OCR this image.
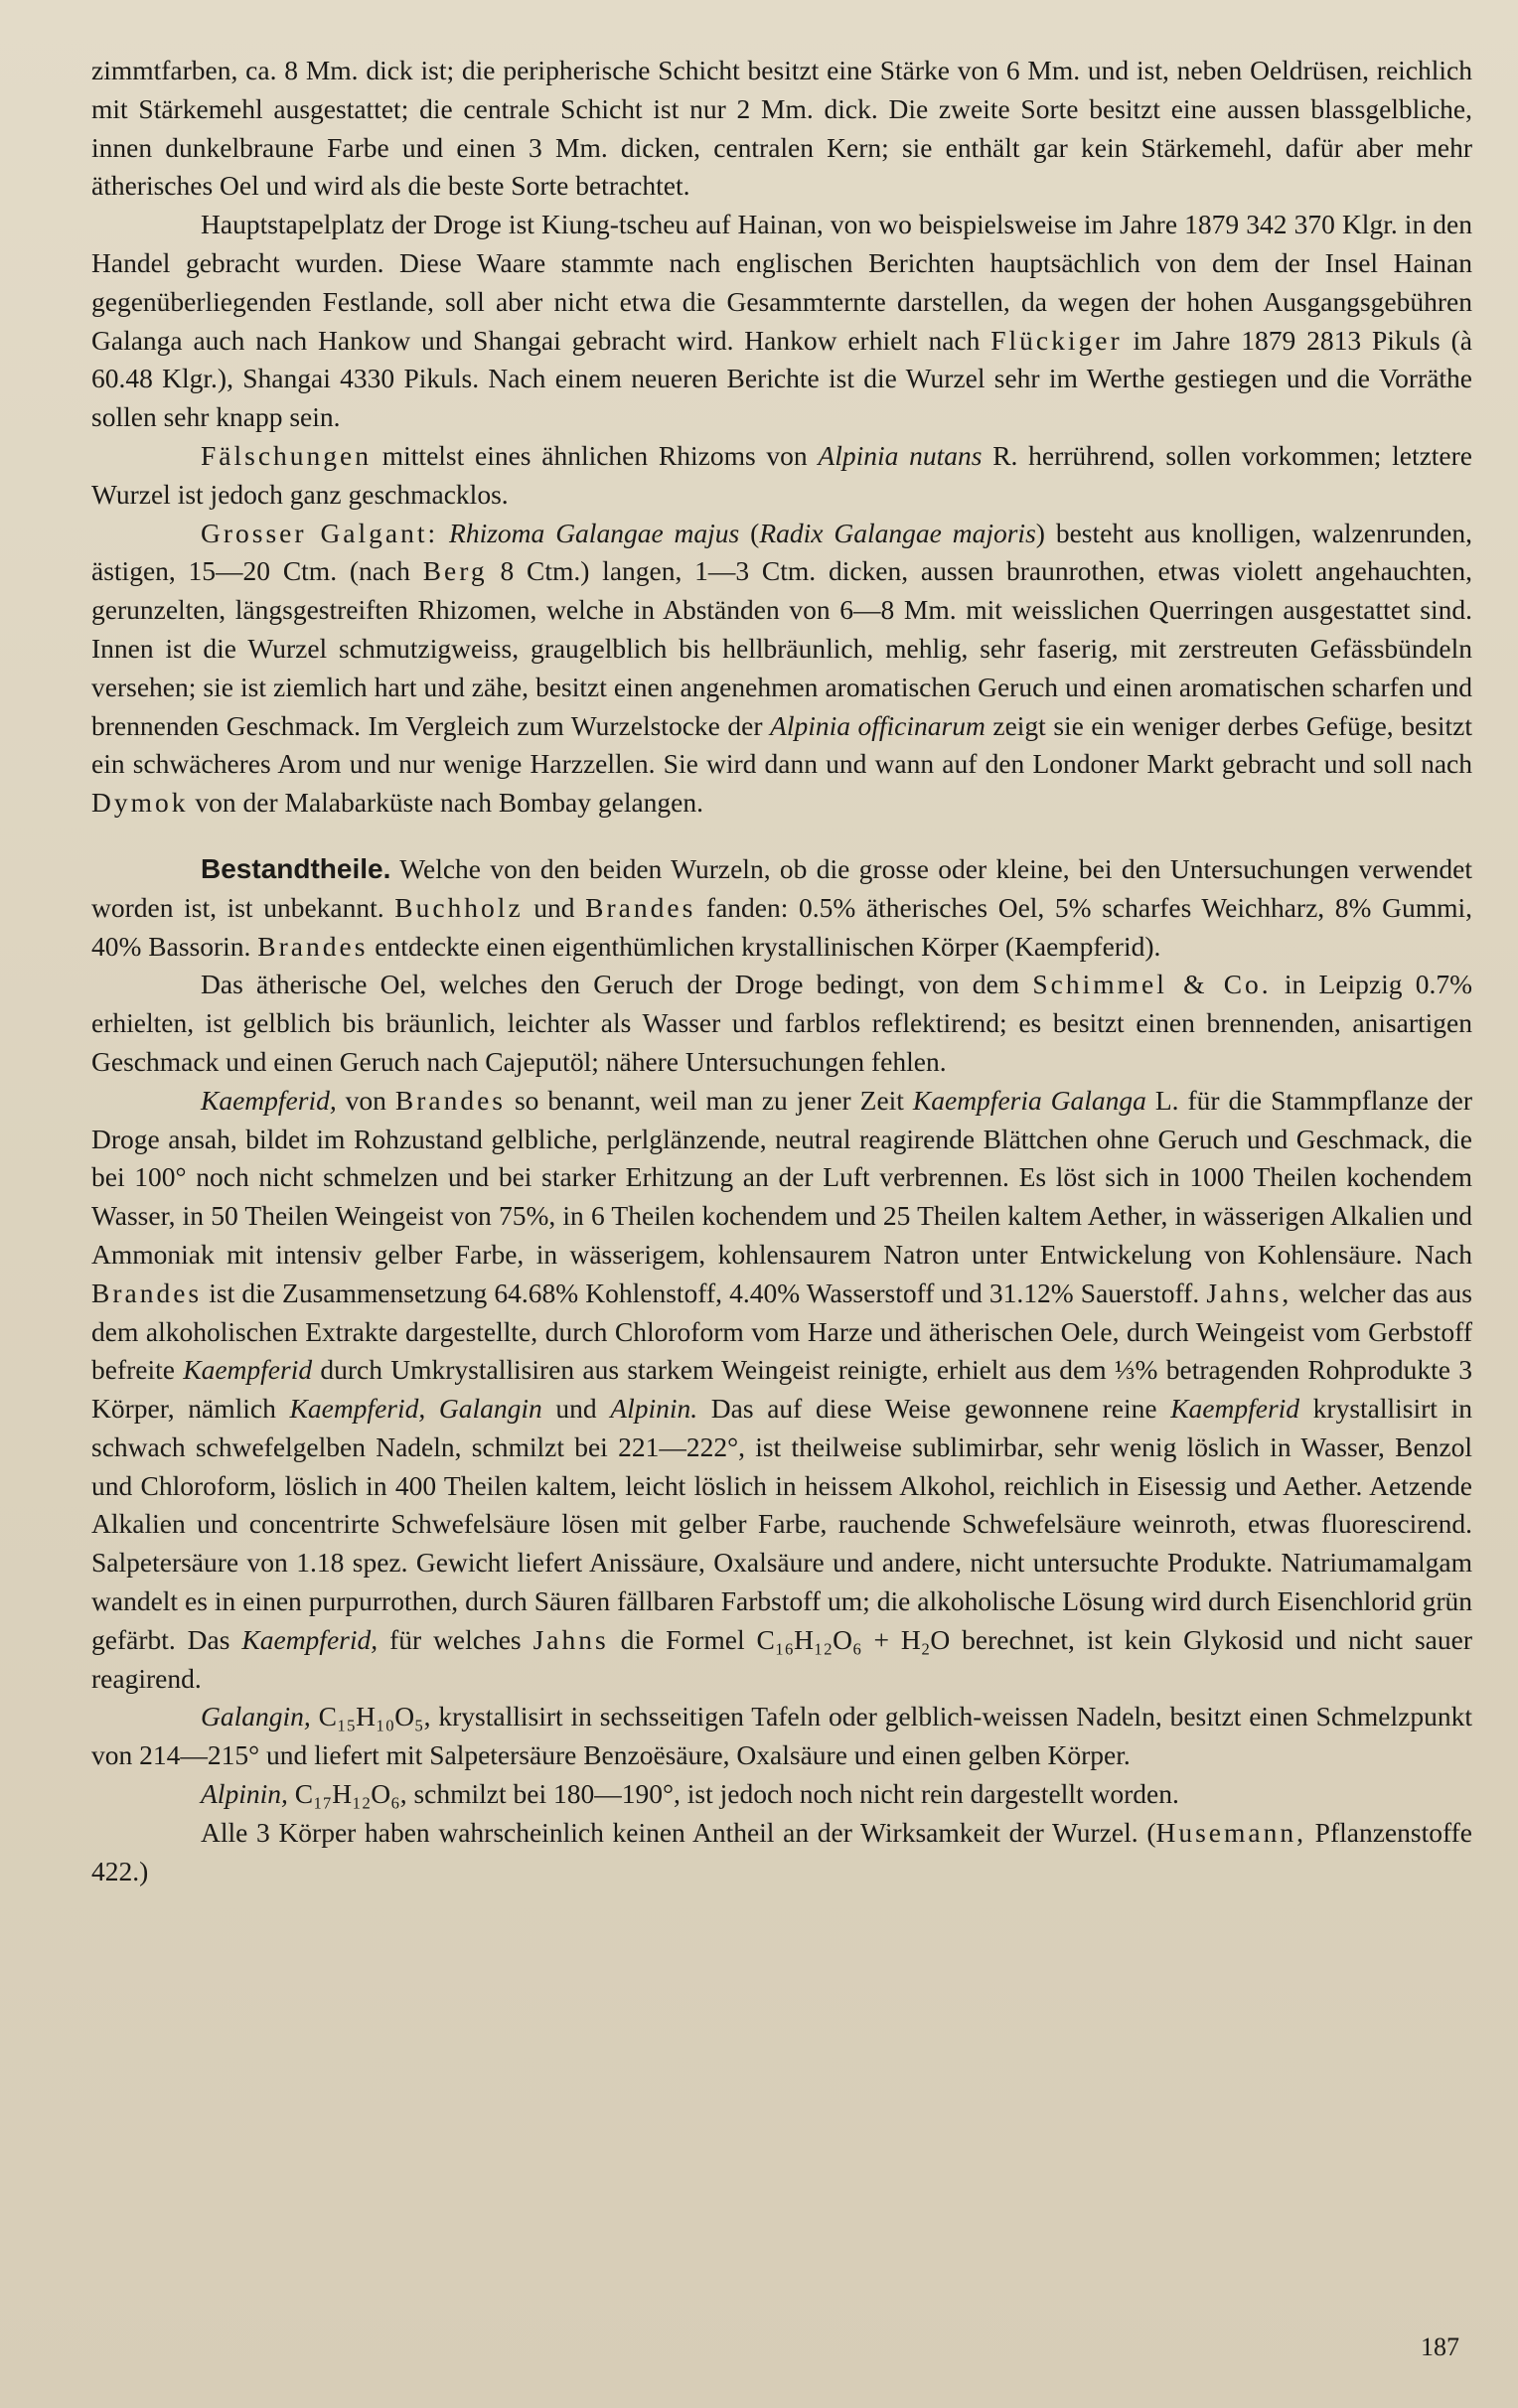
zimmtfarben, ca. 8 Mm. dick ist; die peripherische Schicht besitzt eine Stärke von 6 Mm. und ist, neben Oeldrüsen, reichlich mit Stärkemehl ausgestattet; die centrale Schicht ist nur 2 Mm. dick. Die zweite Sorte besitzt eine aussen blassgelbliche, innen dunkelbraune Farbe und einen 3 Mm. dicken, centralen Kern; sie enthält gar kein Stärkemehl, dafür aber mehr ätherisches Oel und wird als die beste Sorte betrachtet.

Hauptstapelplatz der Droge ist Kiung-tscheu auf Hainan, von wo beispielsweise im Jahre 1879 342 370 Klgr. in den Handel gebracht wurden. Diese Waare stammte nach englischen Berichten hauptsächlich von dem der Insel Hainan gegenüberliegenden Festlande, soll aber nicht etwa die Gesammternte darstellen, da wegen der hohen Ausgangsgebühren Galanga auch nach Hankow und Shangai gebracht wird. Hankow erhielt nach Flückiger im Jahre 1879 2813 Pikuls (à 60.48 Klgr.), Shangai 4330 Pikuls. Nach einem neueren Berichte ist die Wurzel sehr im Werthe gestiegen und die Vorräthe sollen sehr knapp sein.

Fälschungen mittelst eines ähnlichen Rhizoms von Alpinia nutans R. herrührend, sollen vorkommen; letztere Wurzel ist jedoch ganz geschmacklos.

Grosser Galgant: Rhizoma Galangae majus (Radix Galangae majoris) besteht aus knolligen, walzenrunden, ästigen, 15—20 Ctm. (nach Berg 8 Ctm.) langen, 1—3 Ctm. dicken, aussen braunrothen, etwas violett angehauchten, gerunzelten, längsgestreiften Rhizomen, welche in Abständen von 6—8 Mm. mit weisslichen Querringen ausgestattet sind. Innen ist die Wurzel schmutzigweiss, graugelblich bis hellbräunlich, mehlig, sehr faserig, mit zerstreuten Gefässbündeln versehen; sie ist ziemlich hart und zähe, besitzt einen angenehmen aromatischen Geruch und einen aromatischen scharfen und brennenden Geschmack. Im Vergleich zum Wurzelstocke der Alpinia officinarum zeigt sie ein weniger derbes Gefüge, besitzt ein schwächeres Arom und nur wenige Harzzellen. Sie wird dann und wann auf den Londoner Markt gebracht und soll nach Dymok von der Malabarküste nach Bombay gelangen.

Bestandtheile. Welche von den beiden Wurzeln, ob die grosse oder kleine, bei den Untersuchungen verwendet worden ist, ist unbekannt. Buchholz und Brandes fanden: 0.5% ätherisches Oel, 5% scharfes Weichharz, 8% Gummi, 40% Bassorin. Brandes entdeckte einen eigenthümlichen krystallinischen Körper (Kaempferid).

Das ätherische Oel, welches den Geruch der Droge bedingt, von dem Schimmel & Co. in Leipzig 0.7% erhielten, ist gelblich bis bräunlich, leichter als Wasser und farblos reflektirend; es besitzt einen brennenden, anisartigen Geschmack und einen Geruch nach Cajeputöl; nähere Untersuchungen fehlen.

Kaempferid, von Brandes so benannt, weil man zu jener Zeit Kaempferia Galanga L. für die Stammpflanze der Droge ansah, bildet im Rohzustand gelbliche, perlglänzende, neutral reagirende Blättchen ohne Geruch und Geschmack, die bei 100° noch nicht schmelzen und bei starker Erhitzung an der Luft verbrennen. Es löst sich in 1000 Theilen kochendem Wasser, in 50 Theilen Weingeist von 75%, in 6 Theilen kochendem und 25 Theilen kaltem Aether, in wässerigen Alkalien und Ammoniak mit intensiv gelber Farbe, in wässerigem, kohlensaurem Natron unter Entwickelung von Kohlensäure. Nach Brandes ist die Zusammensetzung 64.68% Kohlenstoff, 4.40% Wasserstoff und 31.12% Sauerstoff. Jahns, welcher das aus dem alkoholischen Extrakte dargestellte, durch Chloroform vom Harze und ätherischen Oele, durch Weingeist vom Gerbstoff befreite Kaempferid durch Umkrystallisiren aus starkem Weingeist reinigte, erhielt aus dem ⅓% betragenden Rohprodukte 3 Körper, nämlich Kaempferid, Galangin und Alpinin. Das auf diese Weise gewonnene reine Kaempferid krystallisirt in schwach schwefelgelben Nadeln, schmilzt bei 221—222°, ist theilweise sublimirbar, sehr wenig löslich in Wasser, Benzol und Chloroform, löslich in 400 Theilen kaltem, leicht löslich in heissem Alkohol, reichlich in Eisessig und Aether. Aetzende Alkalien und concentrirte Schwefelsäure lösen mit gelber Farbe, rauchende Schwefelsäure weinroth, etwas fluorescirend. Salpetersäure von 1.18 spez. Gewicht liefert Anissäure, Oxalsäure und andere, nicht untersuchte Produkte. Natriumamalgam wandelt es in einen purpurrothen, durch Säuren fällbaren Farbstoff um; die alkoholische Lösung wird durch Eisenchlorid grün gefärbt. Das Kaempferid, für welches Jahns die Formel C₁₆H₁₂O₆ + H₂O berechnet, ist kein Glykosid und nicht sauer reagirend.

Galangin, C₁₅H₁₀O₅, krystallisirt in sechsseitigen Tafeln oder gelblich-weissen Nadeln, besitzt einen Schmelzpunkt von 214—215° und liefert mit Salpetersäure Benzoësäure, Oxalsäure und einen gelben Körper.

Alpinin, C₁₇H₁₂O₆, schmilzt bei 180—190°, ist jedoch noch nicht rein dargestellt worden.

Alle 3 Körper haben wahrscheinlich keinen Antheil an der Wirksamkeit der Wurzel. (Husemann, Pflanzenstoffe 422.)

187
